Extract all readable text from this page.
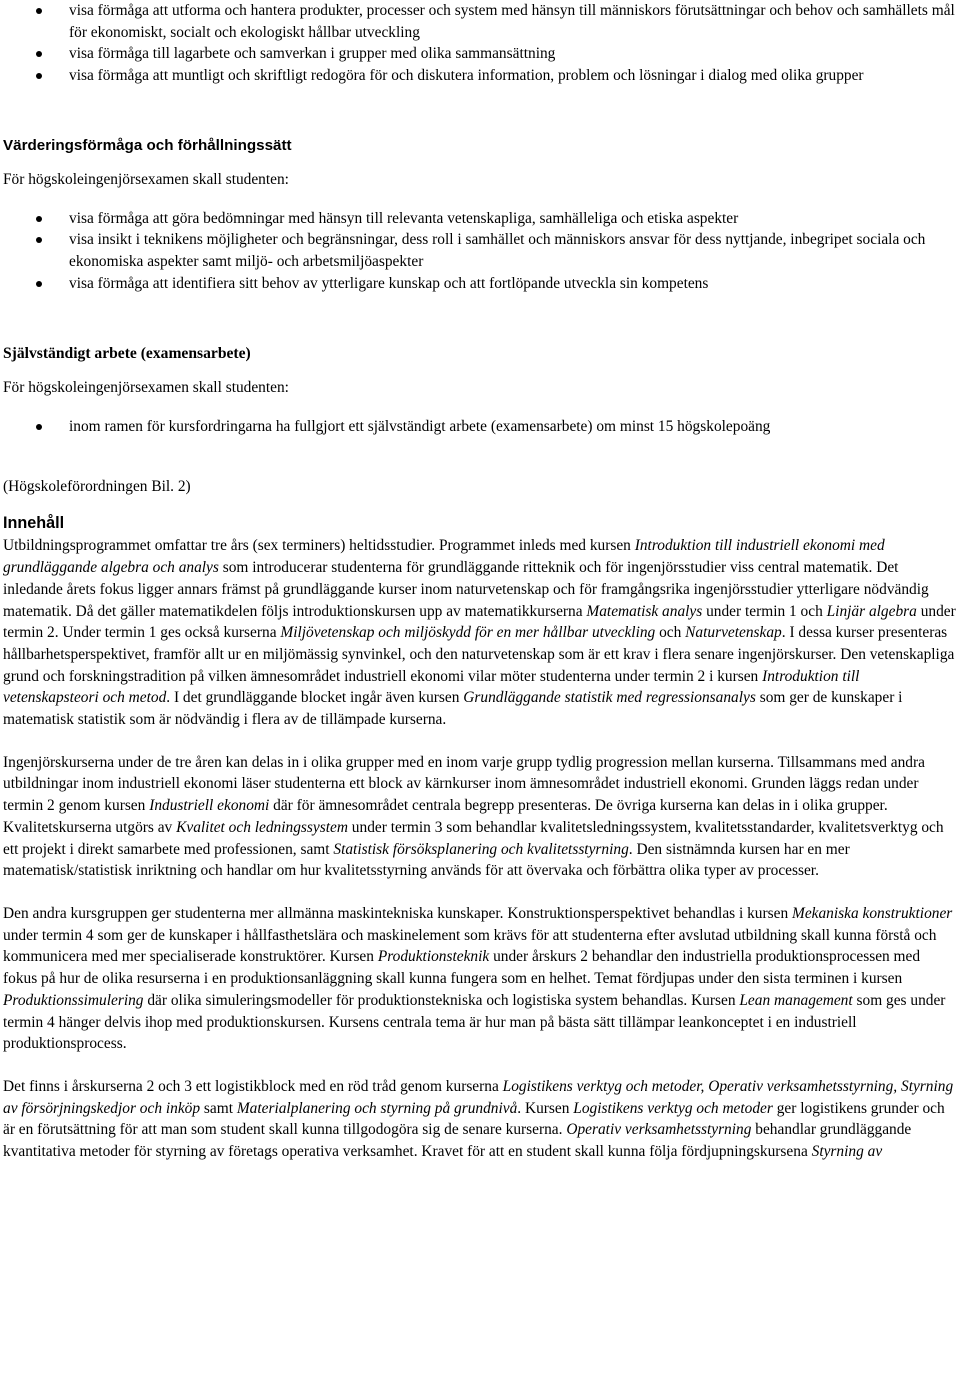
visa förmåga att utforma och hantera produkter, processer och system med hänsyn till människors förutsättningar och behov och samhällets mål för ekonomiskt, socialt och ekologiskt hållbar utveckling
visa förmåga till lagarbete och samverkan i grupper med olika sammansättning
visa förmåga att muntligt och skriftligt redogöra för och diskutera information, problem och lösningar i dialog med olika grupper
Värderingsförmåga och förhållningssätt

För högskoleingenjörsexamen skall studenten:

visa förmåga att göra bedömningar med hänsyn till relevanta vetenskapliga, samhälleliga och etiska aspekter
visa insikt i teknikens möjligheter och begränsningar, dess roll i samhället och människors ansvar för dess nyttjande, inbegripet sociala och ekonomiska aspekter samt miljö- och arbetsmiljöaspekter
visa förmåga att identifiera sitt behov av ytterligare kunskap och att fortlöpande utveckla sin kompetens
Självständigt arbete (examensarbete)

För högskoleingenjörsexamen skall studenten:

inom ramen för kursfordringarna ha fullgjort ett självständigt arbete (examensarbete) om minst 15 högskolepoäng

(Högskoleförordningen Bil. 2)

Innehåll

Utbildningsprogrammet omfattar tre års (sex terminers) heltidsstudier. Programmet inleds med kursen Introduktion till industriell ekonomi med grundläggande algebra och analys som introducerar studenterna för grundläggande ritteknik och för ingenjörsstudier viss central matematik. Det inledande årets fokus ligger annars främst på grundläggande kurser inom naturvetenskap och för framgångsrika ingenjörsstudier ytterligare nödvändig matematik. Då det gäller matematikdelen följs introduktionskursen upp av matematikkurserna Matematisk analys under termin 1 och Linjär algebra under termin 2. Under termin 1 ges också kurserna Miljövetenskap och miljöskydd för en mer hållbar utveckling och Naturvetenskap. I dessa kurser presenteras hållbarhetsperspektivet, framför allt ur en miljömässig synvinkel, och den naturvetenskap som är ett krav i flera senare ingenjörskurser. Den vetenskapliga grund och forskningstradition på vilken ämnesområdet industriell ekonomi vilar möter studenterna under termin 2 i kursen Introduktion till vetenskapsteori och metod. I det grundläggande blocket ingår även kursen Grundläggande statistik med regressionsanalys som ger de kunskaper i matematisk statistik som är nödvändig i flera av de tillämpade kurserna.

Ingenjörskurserna under de tre åren kan delas in i olika grupper med en inom varje grupp tydlig progression mellan kurserna. Tillsammans med andra utbildningar inom industriell ekonomi läser studenterna ett block av kärnkurser inom ämnesområdet industriell ekonomi. Grunden läggs redan under termin 2 genom kursen Industriell ekonomi där för ämnesområdet centrala begrepp presenteras. De övriga kurserna kan delas in i olika grupper. Kvalitetskurserna utgörs av Kvalitet och ledningssystem under termin 3 som behandlar kvalitetsledningssystem, kvalitetsstandarder, kvalitetsverktyg och ett projekt i direkt samarbete med professionen, samt Statistisk försöksplanering och kvalitetsstyrning. Den sistnämnda kursen har en mer matematisk/statistisk inriktning och handlar om hur kvalitetsstyrning används för att övervaka och förbättra olika typer av processer.

Den andra kursgruppen ger studenterna mer allmänna maskintekniska kunskaper. Konstruktionsperspektivet behandlas i kursen Mekaniska konstruktioner under termin 4 som ger de kunskaper i hållfasthetslära och maskinelement som krävs för att studenterna efter avslutad utbildning skall kunna förstå och kommunicera med mer specialiserade konstruktörer. Kursen Produktionsteknik under årskurs 2 behandlar den industriella produktionsprocessen med fokus på hur de olika resurserna i en produktionsanläggning skall kunna fungera som en helhet. Temat fördjupas under den sista terminen i kursen Produktionssimulering där olika simuleringsmodeller för produktionstekniska och logistiska system behandlas. Kursen Lean management som ges under termin 4 hänger delvis ihop med produktionskursen. Kursens centrala tema är hur man på bästa sätt tillämpar leankonceptet i en industriell produktionsprocess.

Det finns i årskurserna 2 och 3 ett logistikblock med en röd tråd genom kurserna Logistikens verktyg och metoder, Operativ verksamhetsstyrning, Styrning av försörjningskedjor och inköp samt Materialplanering och styrning på grundnivå. Kursen Logistikens verktyg och metoder ger logistikens grunder och är en förutsättning för att man som student skall kunna tillgodogöra sig de senare kurserna. Operativ verksamhetsstyrning behandlar grundläggande kvantitativa metoder för styrning av företags operativa verksamhet. Kravet för att en student skall kunna följa fördjupningskursena Styrning av
